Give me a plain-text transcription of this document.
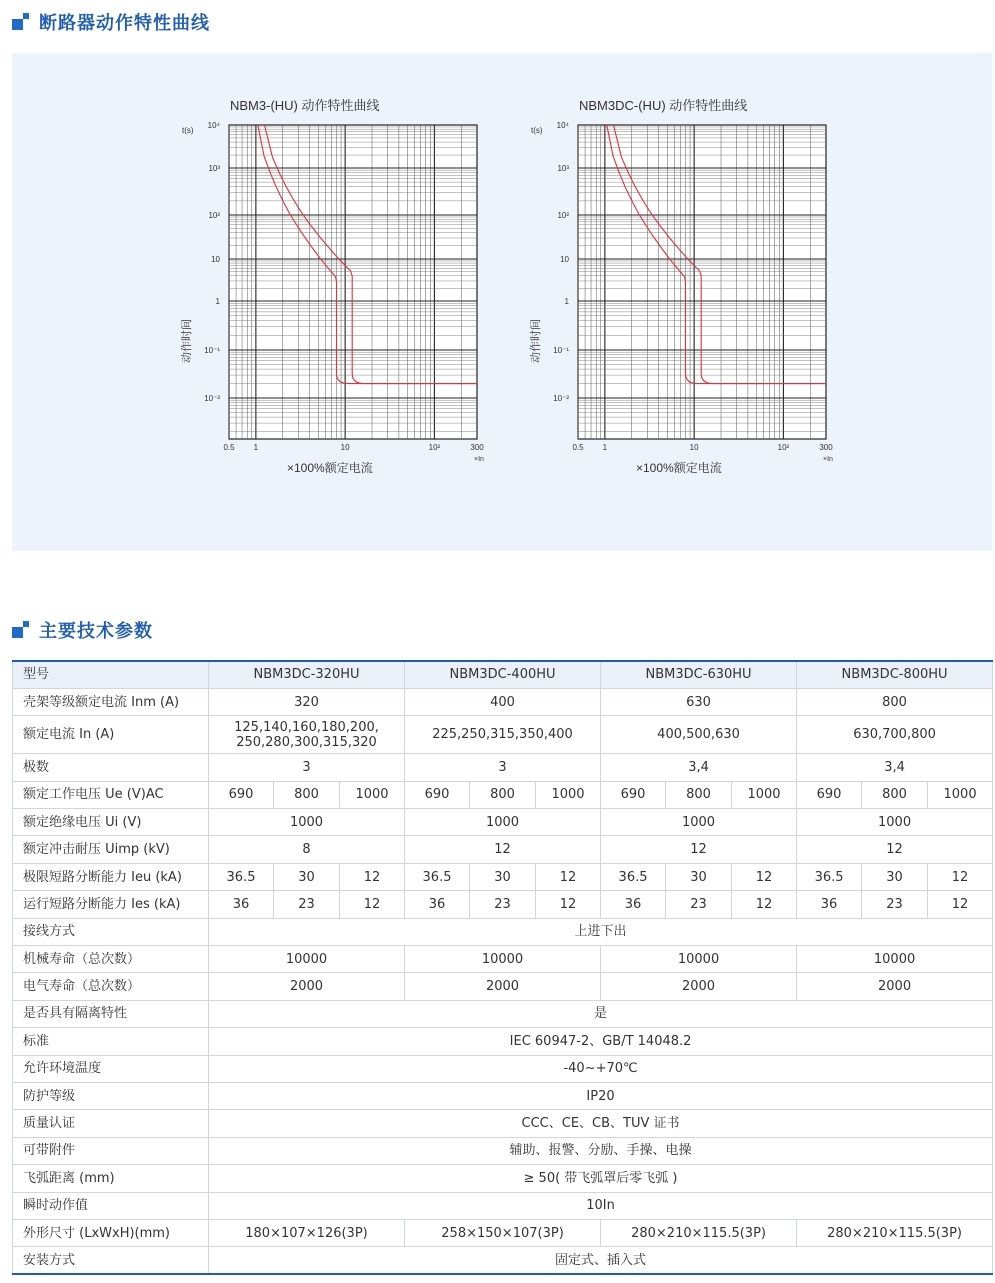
断路器动作特性曲线
NBM3-(HU) 动作特性曲线
10⁴
10³
10²
10
1
10⁻¹
10⁻²
t(s)
动作时间
0.5 1	10	10²	300
×In
×100%额定电流
NBM3DC-(HU) 动作特性曲线
10⁴
10³
10²
10
1
10⁻¹
10⁻²
t(s)
动作时间
0.5 1	10	10²	300
×In
×100%额定电流
主要技术参数
型号	NBM3DC-320HU			NBM3DC-400HU			NBM3DC-630HU			NBM3DC-800HU		
壳架等级额定电流 Inm (A)	320			400			630			800		
额定电流 In (A)	125,140,160,180,200,
250,280,300,315,320			225,250,315,350,400			400,500,630			630,700,800		
极数	3			3			3,4			3,4		
额定工作电压 Ue (V)AC	690	800	1000	690	800	1000	690	800	1000	690	800	1000
额定绝缘电压 Ui (V)	1000			1000			1000			1000		
额定冲击耐压 Uimp (kV)	8			12			12			12		
极限短路分断能力 Ieu (kA)	36.5	30	12	36.5	30	12	36.5	30	12	36.5	30	12
运行短路分断能力 Ies (kA)	36	23	12	36	23	12	36	23	12	36	23	12
接线方式	上进下出											
机械寿命（总次数）	10000			10000			10000			10000		
电气寿命（总次数）	2000			2000			2000			2000		
是否具有隔离特性	是											
标准	IEC 60947-2、GB/T 14048.2											
允许环境温度	-40~+70℃											
防护等级	IP20											
质量认证	CCC、CE、CB、TUV 证书											
可带附件	辅助、报警、分励、手操、电操											
飞弧距离 (mm)	≥ 50( 带飞弧罩后零飞弧 )											
瞬时动作值	10In											
外形尺寸 (LxWxH)(mm)	180×107×126(3P)			258×150×107(3P)			280×210×115.5(3P)			280×210×115.5(3P)		
安装方式	固定式、插入式											
